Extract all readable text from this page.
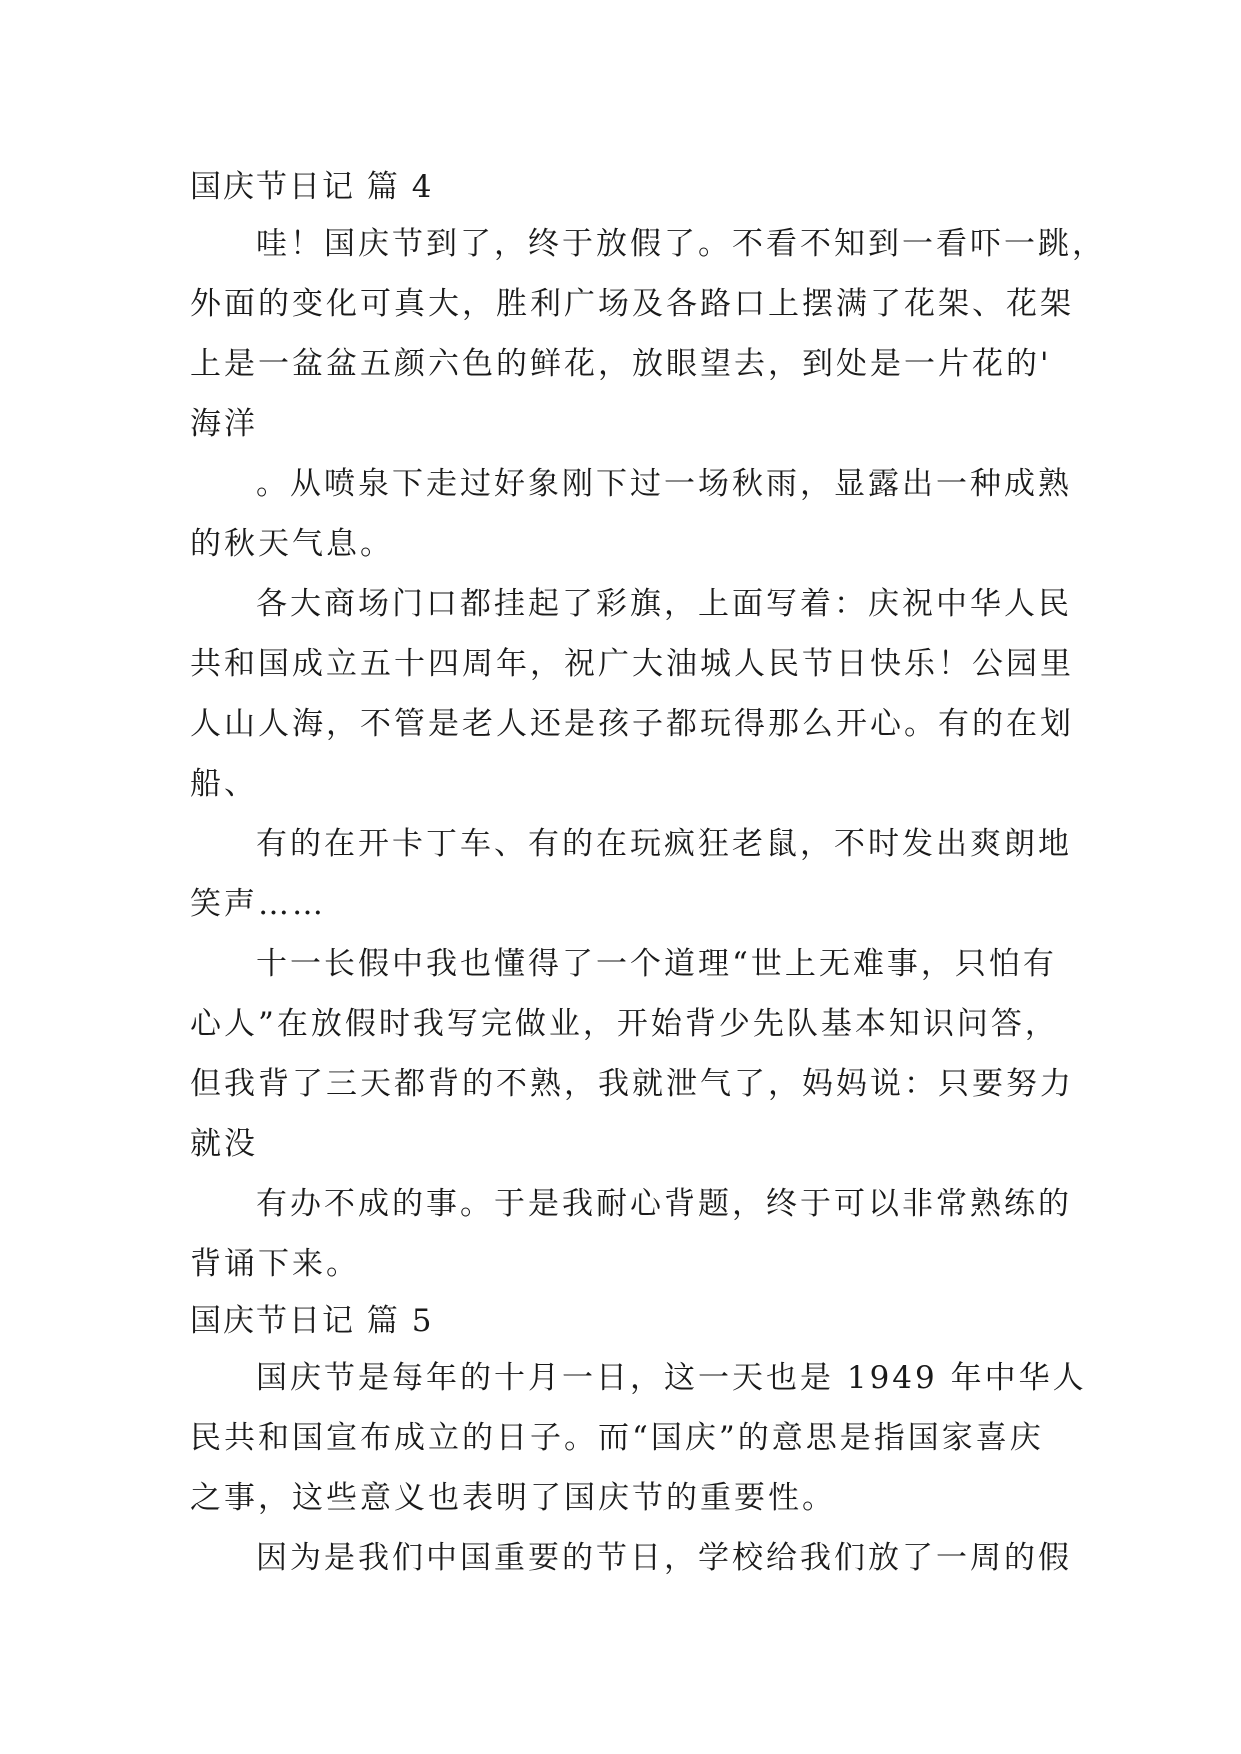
国庆节日记 篇 4

哇！国庆节到了，终于放假了。不看不知到一看吓一跳，
外面的变化可真大，胜利广场及各路口上摆满了花架、花架
上是一盆盆五颜六色的鲜花，放眼望去，到处是一片花的'
海洋

。从喷泉下走过好象刚下过一场秋雨，显露出一种成熟
的秋天气息。

各大商场门口都挂起了彩旗，上面写着：庆祝中华人民
共和国成立五十四周年，祝广大油城人民节日快乐！公园里
人山人海，不管是老人还是孩子都玩得那么开心。有的在划
船、

有的在开卡丁车、有的在玩疯狂老鼠，不时发出爽朗地
笑声……

十一长假中我也懂得了一个道理“世上无难事，只怕有
心人”在放假时我写完做业，开始背少先队基本知识问答，
但我背了三天都背的不熟，我就泄气了，妈妈说：只要努力
就没

有办不成的事。于是我耐心背题，终于可以非常熟练的
背诵下来。

国庆节日记 篇 5

国庆节是每年的十月一日，这一天也是 1949 年中华人
民共和国宣布成立的日子。而“国庆”的意思是指国家喜庆
之事，这些意义也表明了国庆节的重要性。

因为是我们中国重要的节日，学校给我们放了一周的假
